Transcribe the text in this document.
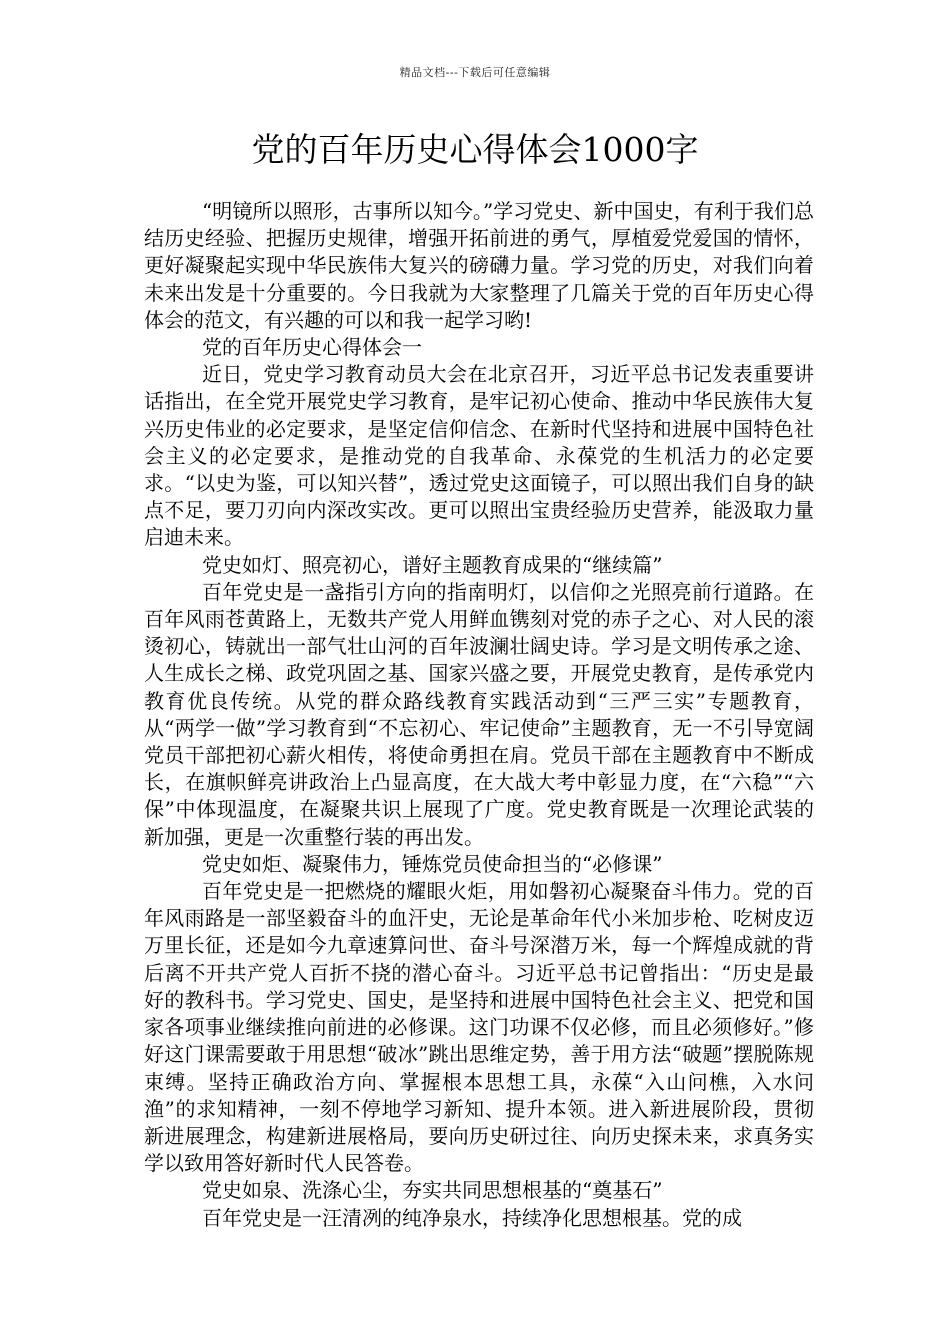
精品文档---下载后可任意编辑
党的百年历史心得体会1000字

“明镜所以照形，古事所以知今。”学习党史、新中国史，有利于我们总结历史经验、把握历史规律，增强开拓前进的勇气，厚植爱党爱国的情怀，更好凝聚起实现中华民族伟大复兴的磅礴力量。学习党的历史，对我们向着未来出发是十分重要的。今日我就为大家整理了几篇关于党的百年历史心得体会的范文，有兴趣的可以和我一起学习哟!

党的百年历史心得体会一

近日，党史学习教育动员大会在北京召开，习近平总书记发表重要讲话指出，在全党开展党史学习教育，是牢记初心使命、推动中华民族伟大复兴历史伟业的必定要求，是坚定信仰信念、在新时代坚持和进展中国特色社会主义的必定要求，是推动党的自我革命、永葆党的生机活力的必定要求。“以史为鉴，可以知兴替”，透过党史这面镜子，可以照出我们自身的缺点不足，要刀刃向内深改实改。更可以照出宝贵经验历史营养，能汲取力量启迪未来。

党史如灯、照亮初心，谱好主题教育成果的“继续篇”

百年党史是一盏指引方向的指南明灯，以信仰之光照亮前行道路。在百年风雨苍黄路上，无数共产党人用鲜血镌刻对党的赤子之心、对人民的滚烫初心，铸就出一部气壮山河的百年波澜壮阔史诗。学习是文明传承之途、人生成长之梯、政党巩固之基、国家兴盛之要，开展党史教育，是传承党内教育优良传统。从党的群众路线教育实践活动到“三严三实”专题教育，从“两学一做”学习教育到“不忘初心、牢记使命”主题教育，无一不引导宽阔党员干部把初心薪火相传，将使命勇担在肩。党员干部在主题教育中不断成长，在旗帜鲜亮讲政治上凸显高度，在大战大考中彰显力度，在“六稳”“六保”中体现温度，在凝聚共识上展现了广度。党史教育既是一次理论武装的新加强，更是一次重整行装的再出发。

党史如炬、凝聚伟力，锤炼党员使命担当的“必修课”

百年党史是一把燃烧的耀眼火炬，用如磐初心凝聚奋斗伟力。党的百年风雨路是一部坚毅奋斗的血汗史，无论是革命年代小米加步枪、吃树皮迈万里长征，还是如今九章速算问世、奋斗号深潜万米，每一个辉煌成就的背后离不开共产党人百折不挠的潜心奋斗。习近平总书记曾指出：“历史是最好的教科书。学习党史、国史，是坚持和进展中国特色社会主义、把党和国家各项事业继续推向前进的必修课。这门功课不仅必修，而且必须修好。”修好这门课需要敢于用思想“破冰”跳出思维定势，善于用方法“破题”摆脱陈规束缚。坚持正确政治方向、掌握根本思想工具，永葆“入山问樵，入水问渔”的求知精神，一刻不停地学习新知、提升本领。进入新进展阶段，贯彻新进展理念，构建新进展格局，要向历史研过往、向历史探未来，求真务实学以致用答好新时代人民答卷。

党史如泉、洗涤心尘，夯实共同思想根基的“奠基石”

百年党史是一汪清冽的纯净泉水，持续净化思想根基。党的成
